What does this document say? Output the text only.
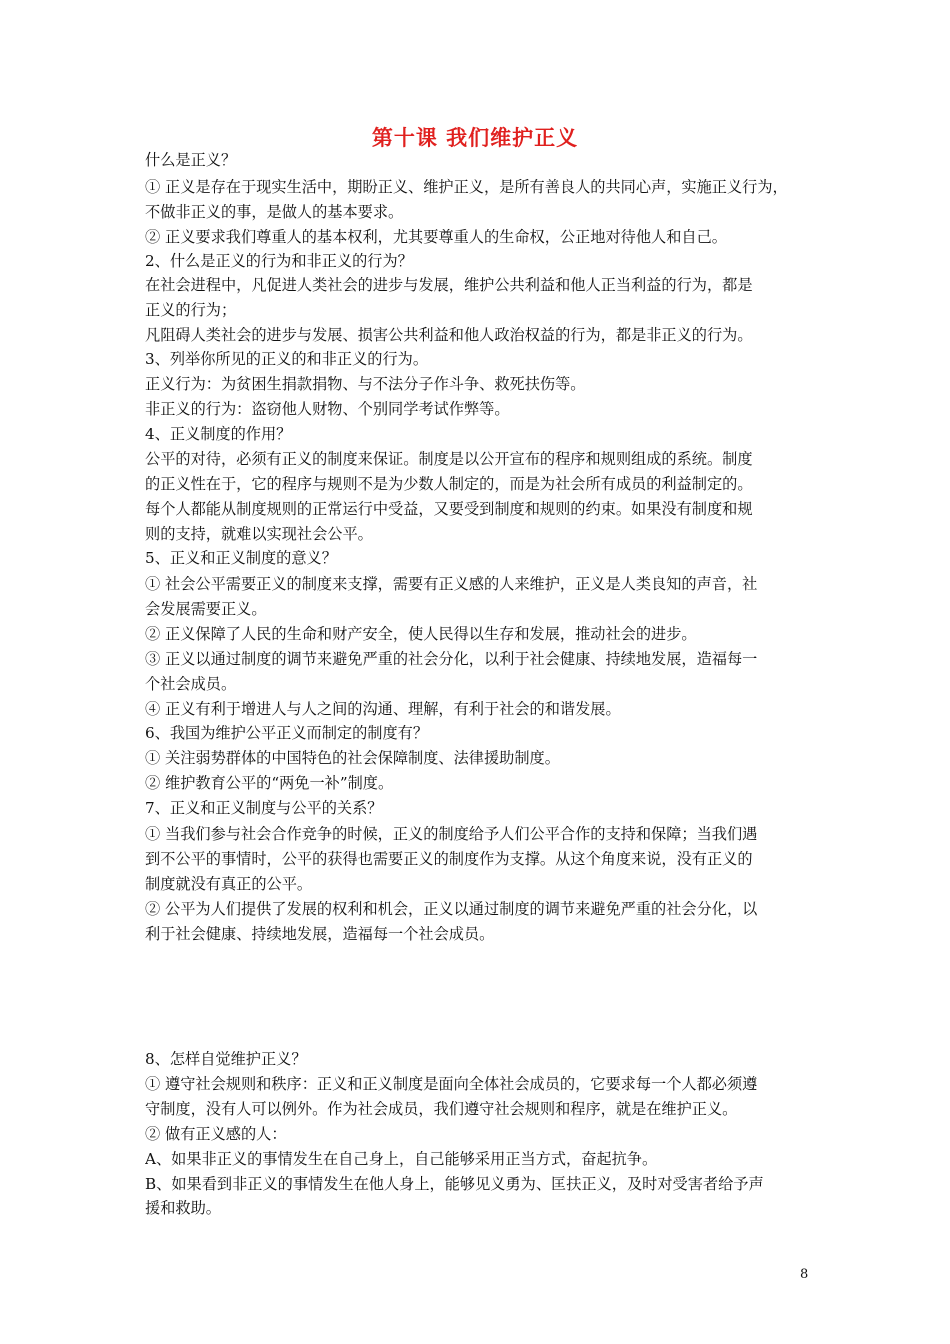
第十课 我们维护正义
什么是正义？
① 正义是存在于现实生活中，期盼正义、维护正义，是所有善良人的共同心声，实施正义行为，
不做非正义的事，是做人的基本要求。
② 正义要求我们尊重人的基本权利，尤其要尊重人的生命权，公正地对待他人和自己。
2、什么是正义的行为和非正义的行为？
在社会进程中，凡促进人类社会的进步与发展，维护公共利益和他人正当利益的行为，都是
正义的行为；
凡阻碍人类社会的进步与发展、损害公共利益和他人政治权益的行为，都是非正义的行为。
3、列举你所见的正义的和非正义的行为。
正义行为：为贫困生捐款捐物、与不法分子作斗争、救死扶伤等。
非正义的行为：盗窃他人财物、个别同学考试作弊等。
4、正义制度的作用？
公平的对待，必须有正义的制度来保证。制度是以公开宣布的程序和规则组成的系统。制度
的正义性在于，它的程序与规则不是为少数人制定的，而是为社会所有成员的利益制定的。
每个人都能从制度规则的正常运行中受益，又要受到制度和规则的约束。如果没有制度和规
则的支持，就难以实现社会公平。
5、正义和正义制度的意义？
① 社会公平需要正义的制度来支撑，需要有正义感的人来维护，正义是人类良知的声音，社
会发展需要正义。
② 正义保障了人民的生命和财产安全，使人民得以生存和发展，推动社会的进步。
③ 正义以通过制度的调节来避免严重的社会分化，以利于社会健康、持续地发展，造福每一
个社会成员。
④ 正义有利于增进人与人之间的沟通、理解，有利于社会的和谐发展。
6、我国为维护公平正义而制定的制度有？
① 关注弱势群体的中国特色的社会保障制度、法律援助制度。
② 维护教育公平的“两免一补”制度。
7、正义和正义制度与公平的关系？
① 当我们参与社会合作竞争的时候，正义的制度给予人们公平合作的支持和保障；当我们遇
到不公平的事情时，公平的获得也需要正义的制度作为支撑。从这个角度来说，没有正义的
制度就没有真正的公平。
② 公平为人们提供了发展的权利和机会，正义以通过制度的调节来避免严重的社会分化，以
利于社会健康、持续地发展，造福每一个社会成员。
8、怎样自觉维护正义？
① 遵守社会规则和秩序：正义和正义制度是面向全体社会成员的，它要求每一个人都必须遵
守制度，没有人可以例外。作为社会成员，我们遵守社会规则和程序，就是在维护正义。
② 做有正义感的人：
A、如果非正义的事情发生在自己身上，自己能够采用正当方式，奋起抗争。
B、如果看到非正义的事情发生在他人身上，能够见义勇为、匡扶正义，及时对受害者给予声
援和救助。
8
